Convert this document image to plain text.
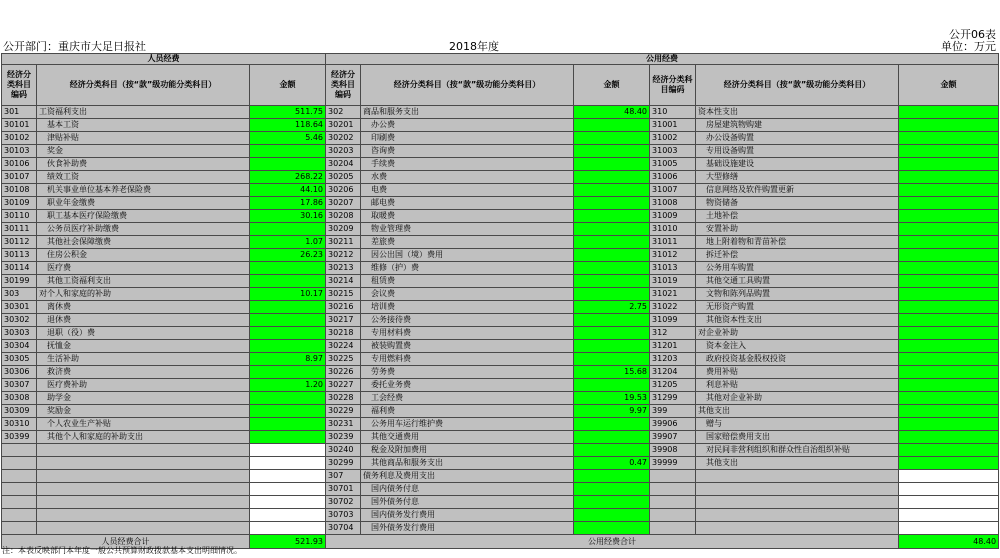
公开06表
公开部门：重庆市大足日报社	2018年度	单位：万元
人员经费			公用经费					
经济分类科目编码	经济分类科目（按“款”级功能分类科目）	金额	经济分类科目编码	经济分类科目（按“款”级功能分类科目）	金额	经济分类科目编码	经济分类科目（按“款”级功能分类科目）	金额
301	工资福利支出	511.75	302	商品和服务支出	48.40	310	资本性支出	
30101	基本工资	118.64	30201	办公费		31001	房屋建筑物购建	
30102	津贴补贴	5.46	30202	印刷费		31002	办公设备购置	
30103	奖金		30203	咨询费		31003	专用设备购置	
30106	伙食补助费		30204	手续费		31005	基础设施建设	
30107	绩效工资	268.22	30205	水费		31006	大型修缮	
30108	机关事业单位基本养老保险费	44.10	30206	电费		31007	信息网络及软件购置更新	
30109	职业年金缴费	17.86	30207	邮电费		31008	物资储备	
30110	职工基本医疗保险缴费	30.16	30208	取暖费		31009	土地补偿	
30111	公务员医疗补助缴费		30209	物业管理费		31010	安置补助	
30112	其他社会保障缴费	1.07	30211	差旅费		31011	地上附着物和青苗补偿	
30113	住房公积金	26.23	30212	因公出国（境）费用		31012	拆迁补偿	
30114	医疗费		30213	维修（护）费		31013	公务用车购置	
30199	其他工资福利支出		30214	租赁费		31019	其他交通工具购置	
303	对个人和家庭的补助	10.17	30215	会议费		31021	文物和陈列品购置	
30301	离休费		30216	培训费	2.75	31022	无形资产购置	
30302	退休费		30217	公务接待费		31099	其他资本性支出	
30303	退职（役）费		30218	专用材料费		312	对企业补助	
30304	抚恤金		30224	被装购置费		31201	资本金注入	
30305	生活补助	8.97	30225	专用燃料费		31203	政府投资基金股权投资	
30306	救济费		30226	劳务费	15.68	31204	费用补贴	
30307	医疗费补助	1.20	30227	委托业务费		31205	利息补贴	
30308	助学金		30228	工会经费	19.53	31299	其他对企业补助	
30309	奖励金		30229	福利费	9.97	399	其他支出	
30310	个人农业生产补贴		30231	公务用车运行维护费		39906	赠与	
30399	其他个人和家庭的补助支出		30239	其他交通费用		39907	国家赔偿费用支出	
			30240	税金及附加费用		39908	对民间非营利组织和群众性自治组织补贴	
			30299	其他商品和服务支出	0.47	39999	其他支出	
			307	债务利息及费用支出				
			30701	国内债务付息				
			30702	国外债务付息				
			30703	国内债务发行费用				
			30704	国外债务发行费用				
人员经费合计		521.93	公用经费合计					48.40
注：本表反映部门本年度一般公共预算财政拨款基本支出明细情况。
